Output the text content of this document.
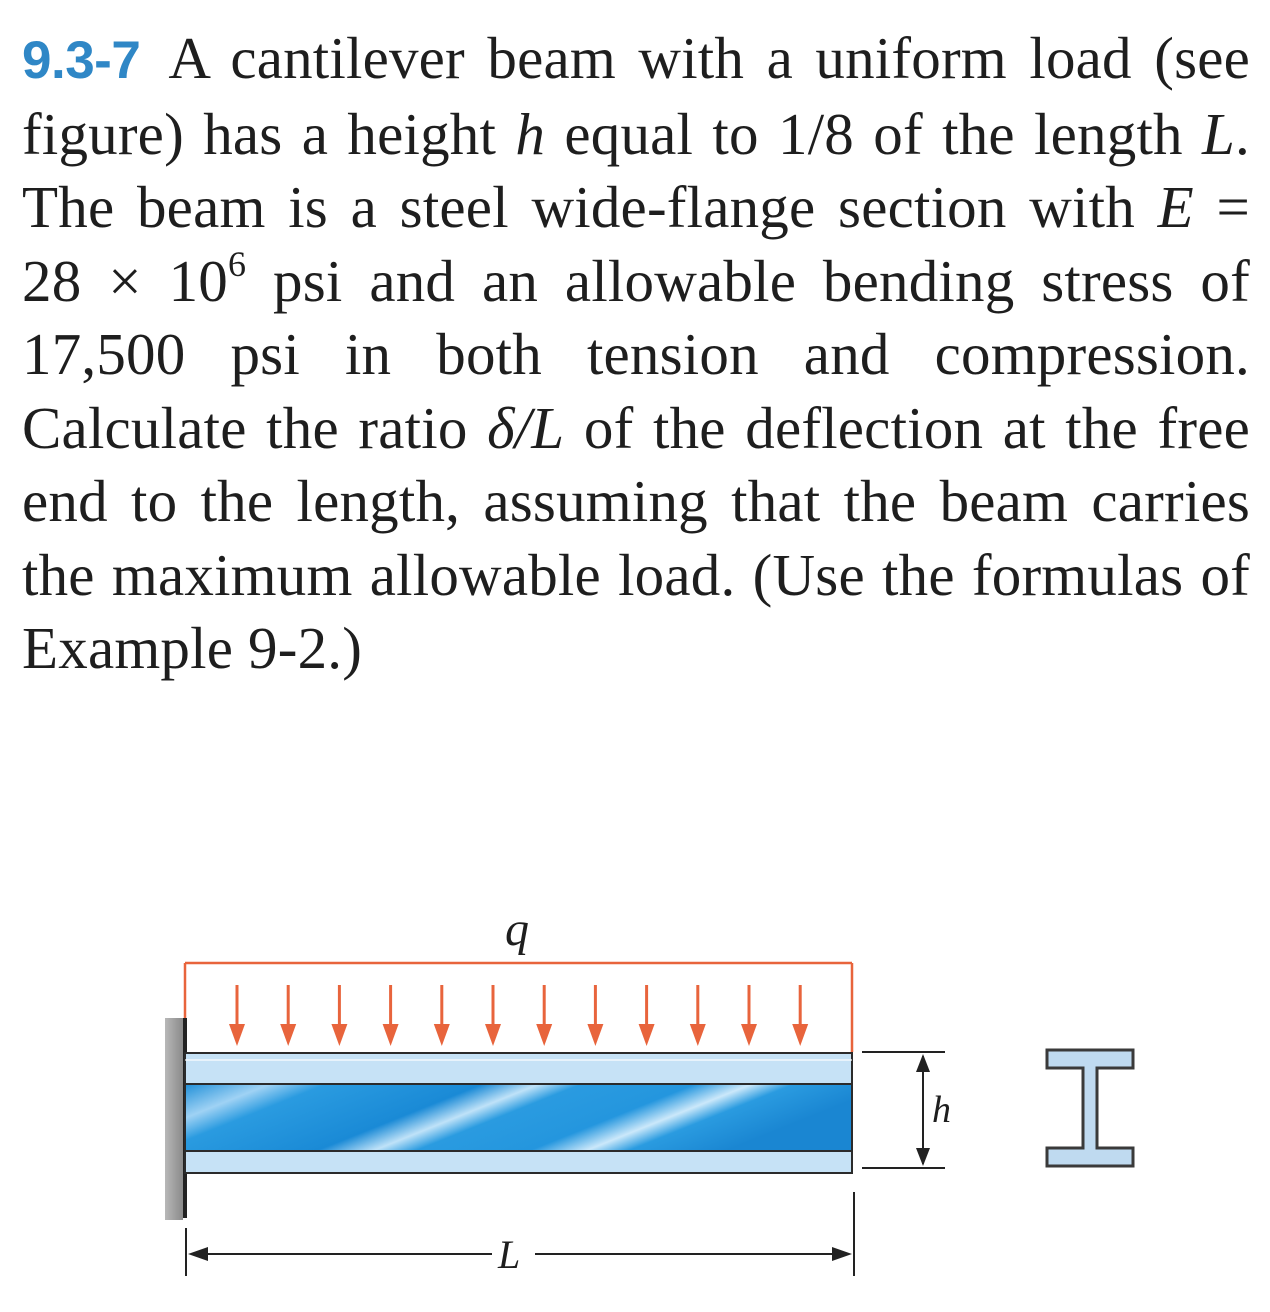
9.3-7 A cantilever beam with a uniform load (see figure) has a height h equal to 1/8 of the length L. The beam is a steel wide-flange section with $E = 28 \times 10^6$ psi and an allowable bending stress of 17,500 psi in both tension and compression. Calculate the ratio δ/L of the deflection at the free end to the length, assuming that the beam carries the maximum allowable load. (Use the formulas of Example 9-2.)
q
h
L
